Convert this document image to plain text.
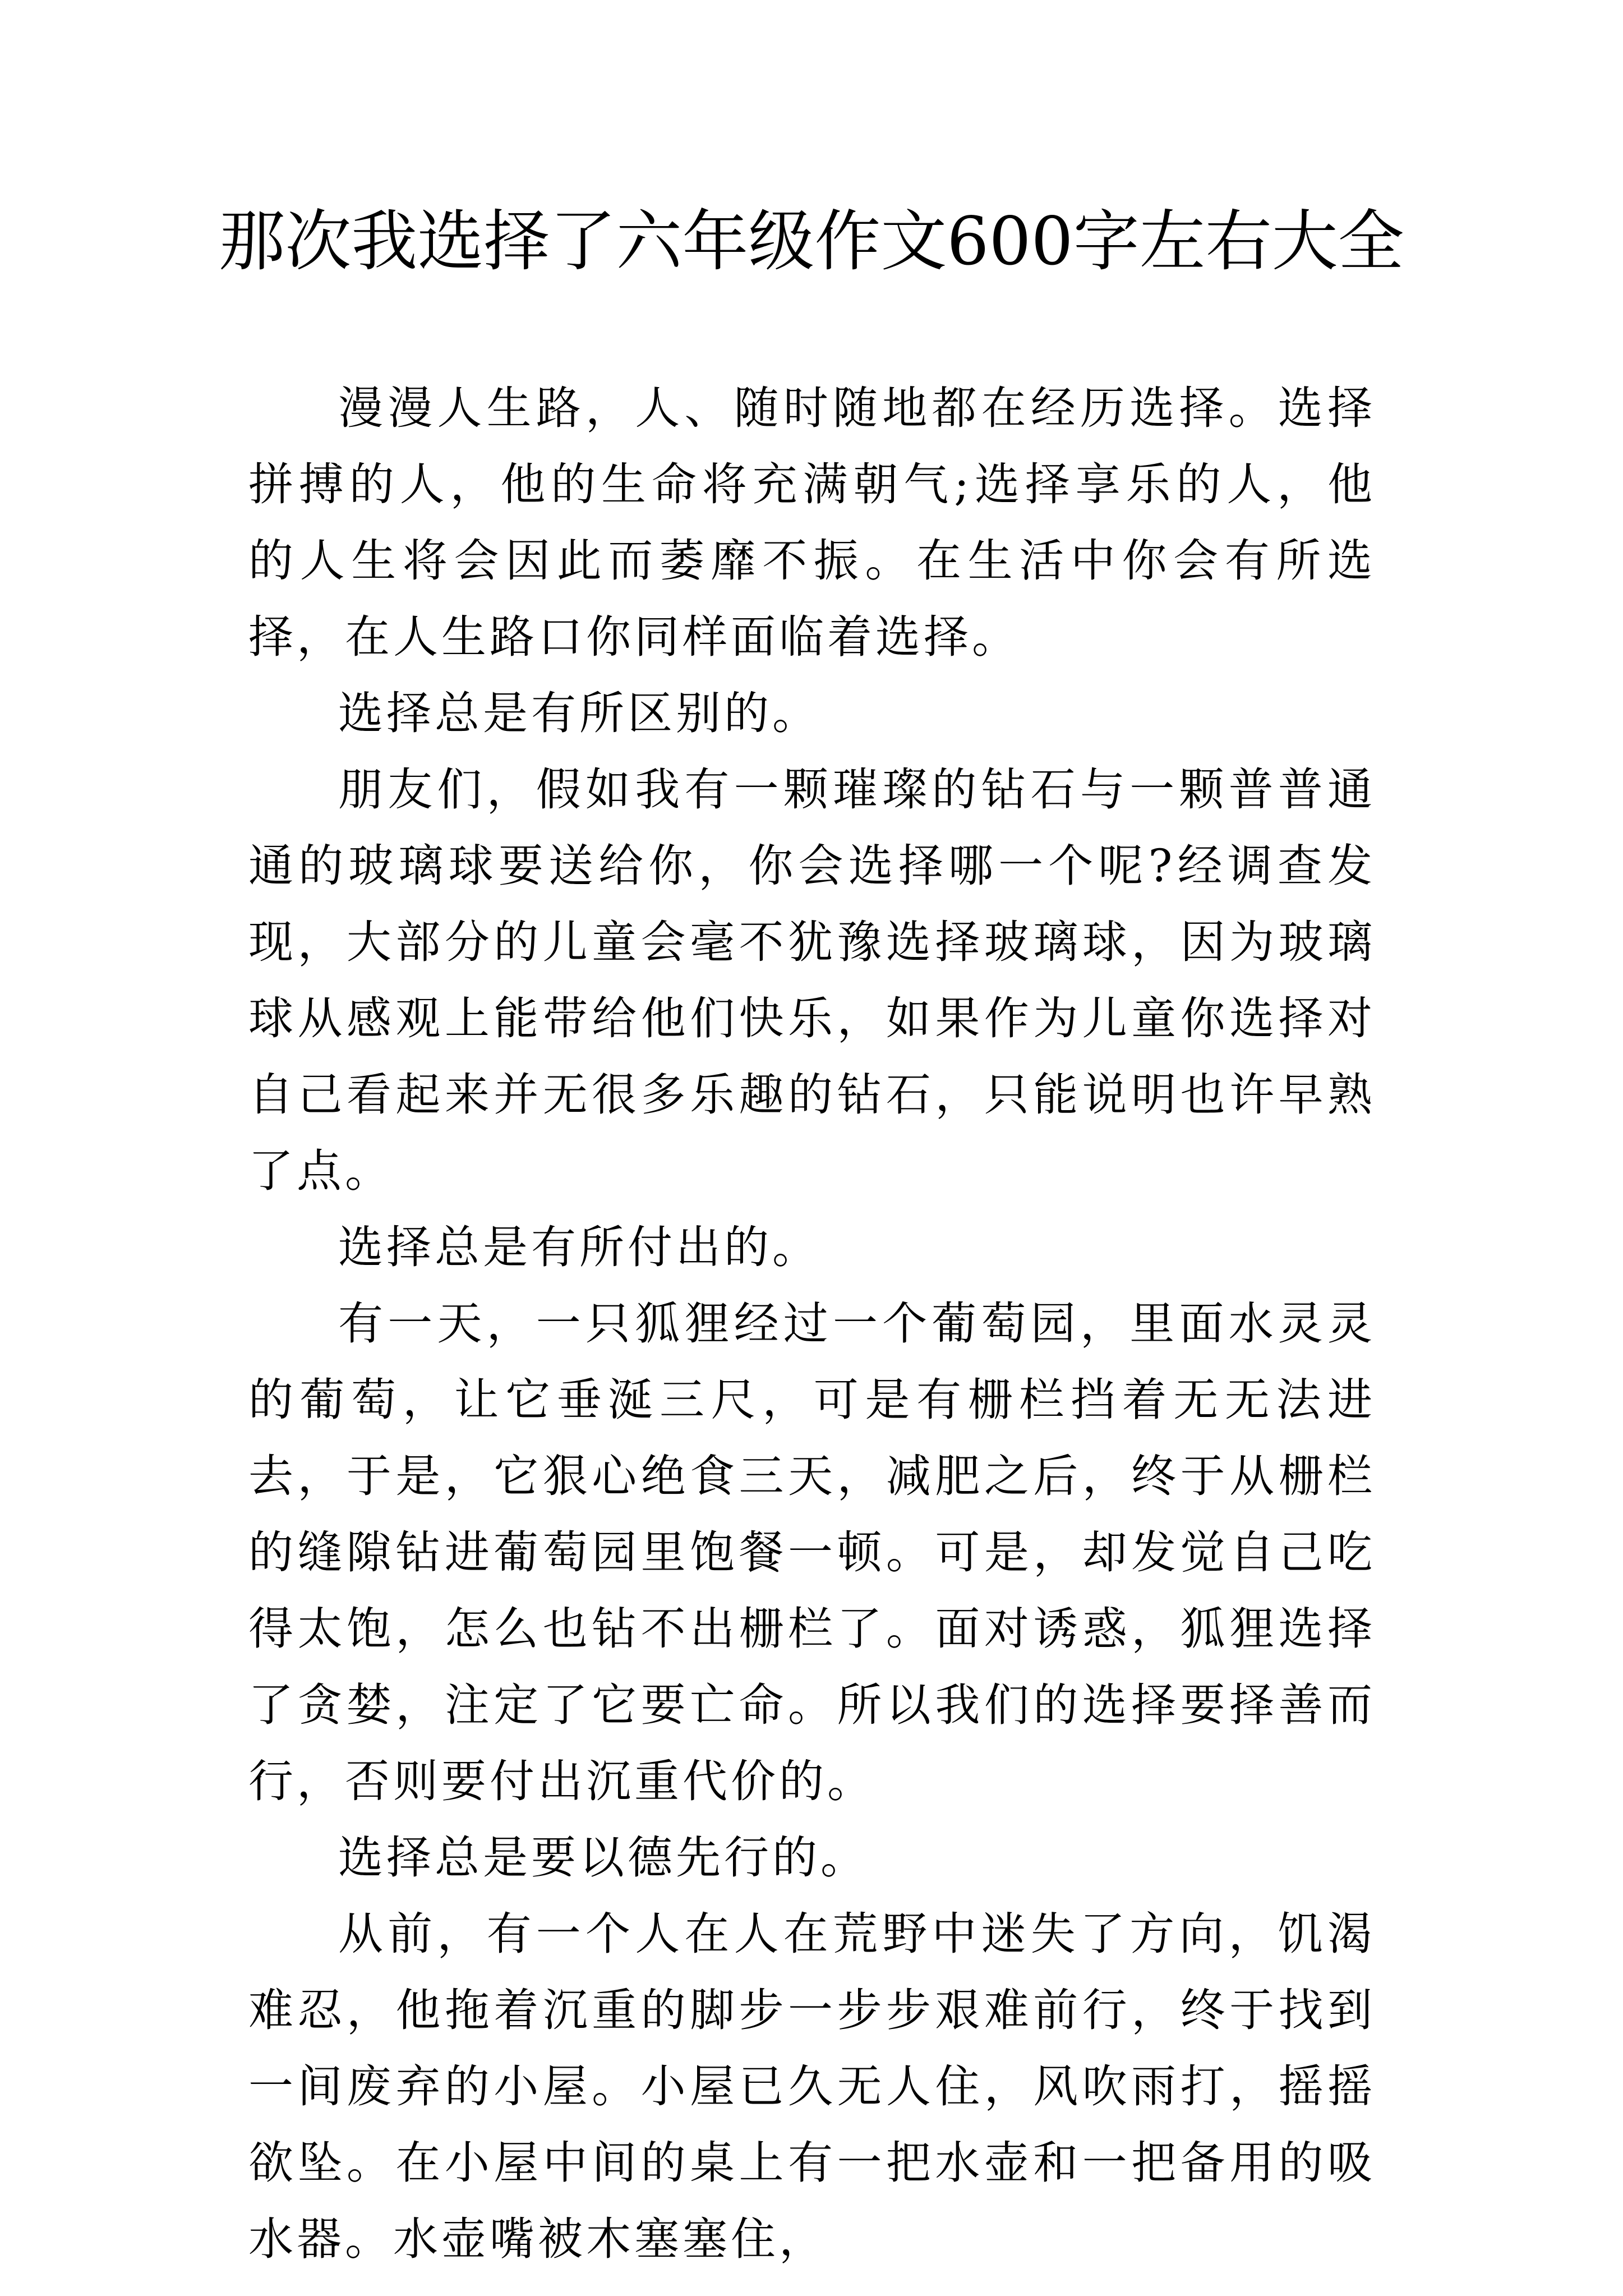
那次我选择了六年级作文600字左右大全

漫漫人生路，人、随时随地都在经历选择。选择拼搏的人，他的生命将充满朝气;选择享乐的人，他的人生将会因此而萎靡不振。在生活中你会有所选择，在人生路口你同样面临着选择。

选择总是有所区别的。

朋友们，假如我有一颗璀璨的钻石与一颗普普通通的玻璃球要送给你，你会选择哪一个呢?经调查发现，大部分的儿童会毫不犹豫选择玻璃球，因为玻璃球从感观上能带给他们快乐，如果作为儿童你选择对自己看起来并无很多乐趣的钻石，只能说明也许早熟了点。

选择总是有所付出的。

有一天，一只狐狸经过一个葡萄园，里面水灵灵的葡萄，让它垂涎三尺，可是有栅栏挡着无无法进去，于是，它狠心绝食三天，减肥之后，终于从栅栏的缝隙钻进葡萄园里饱餐一顿。可是，却发觉自己吃得太饱，怎么也钻不出栅栏了。面对诱惑，狐狸选择了贪婪，注定了它要亡命。所以我们的选择要择善而行，否则要付出沉重代价的。

选择总是要以德先行的。

从前，有一个人在人在荒野中迷失了方向，饥渴难忍，他拖着沉重的脚步一步步艰难前行，终于找到一间废弃的小屋。小屋已久无人住，风吹雨打，摇摇欲坠。在小屋中间的桌上有一把水壶和一把备用的吸水器。水壶嘴被木塞塞住，
